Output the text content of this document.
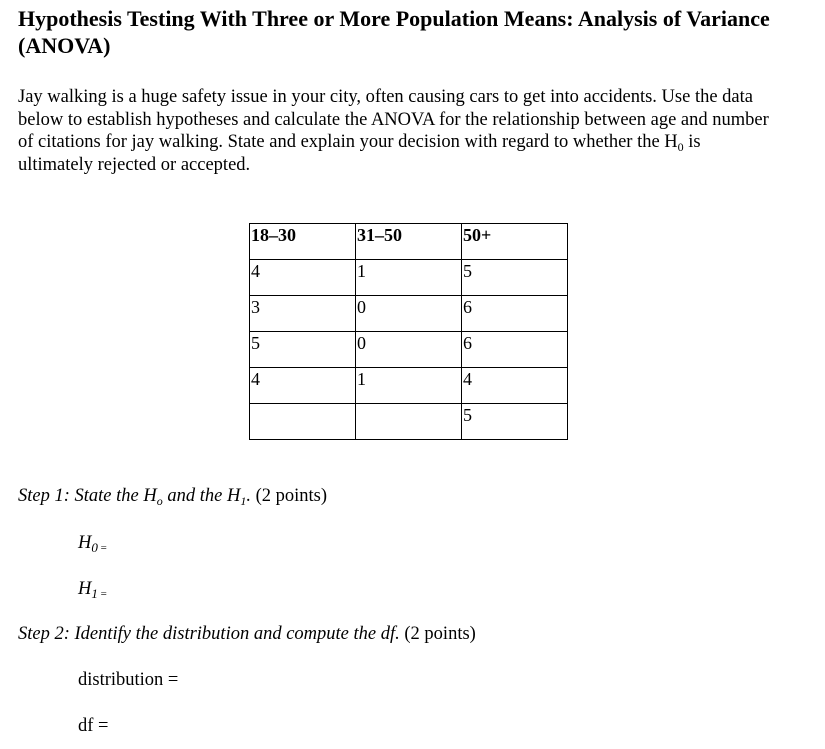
Hypothesis Testing With Three or More Population Means: Analysis of Variance (ANOVA)

Jay walking is a huge safety issue in your city, often causing cars to get into accidents. Use the data below to establish hypotheses and calculate the ANOVA for the relationship between age and number of citations for jay walking. State and explain your decision with regard to whether the $H_0$ is ultimately rejected or accepted.

18–30	31–50	50+
4	1	5
3	0	6
5	0	6
4	1	4
		5

Step 1: State the $H_o$ and the $H_1$. (2 points)

$H_0$ =
$H_1$ =

Step 2: Identify the distribution and compute the df. (2 points)

distribution =
df =
